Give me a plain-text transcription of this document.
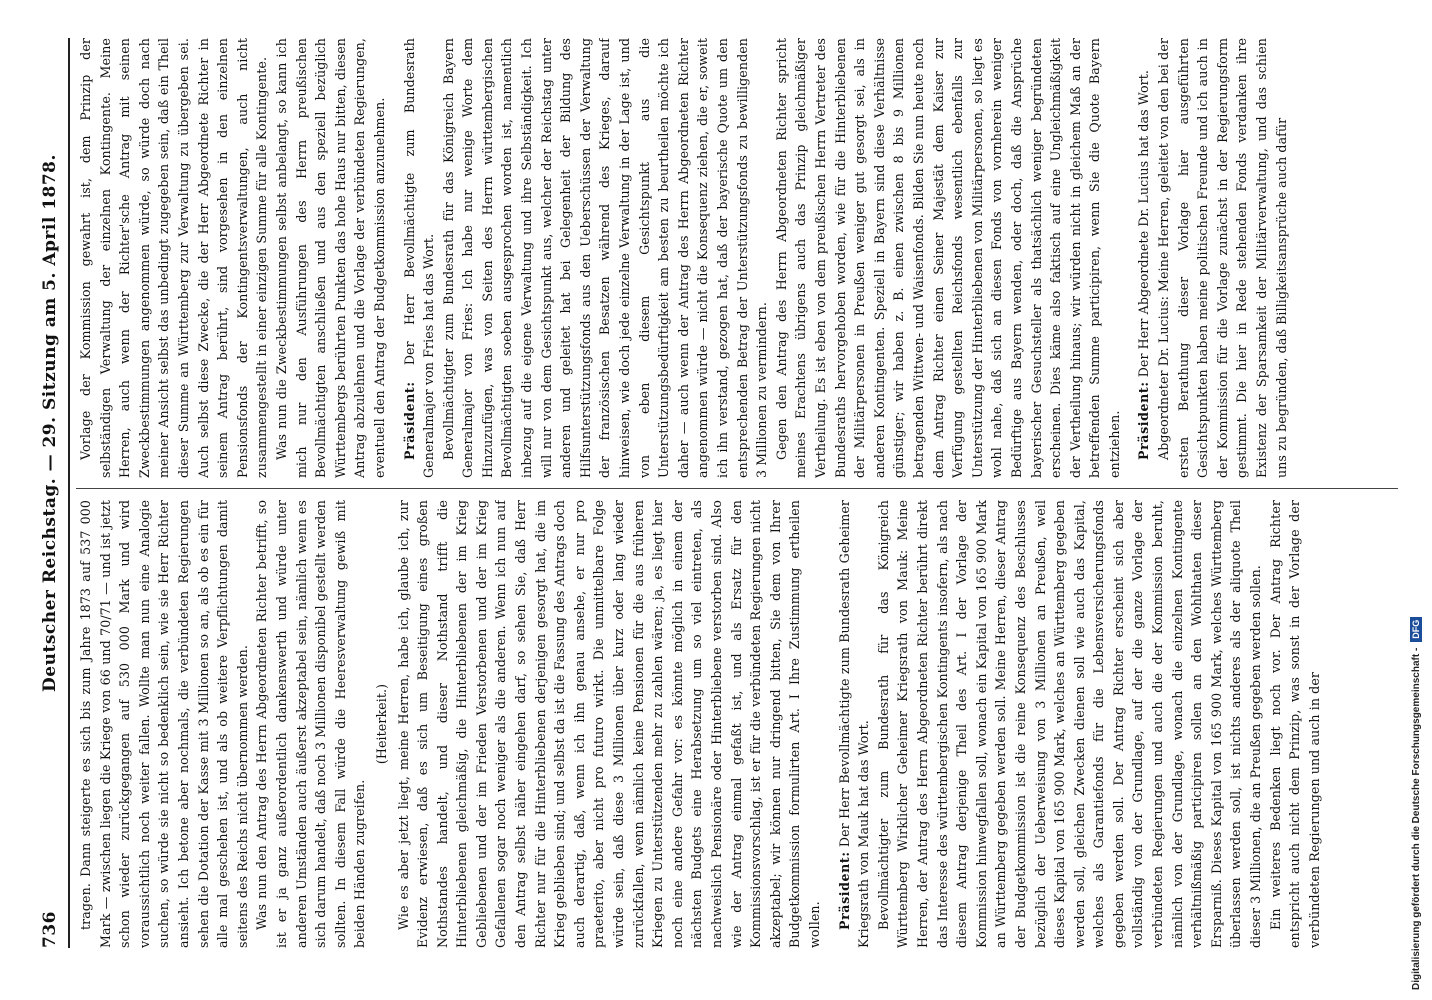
736
Deutscher Reichstag. — 29. Sitzung am 5. April 1878.

tragen. Dann steigerte es sich bis zum Jahre 1873 auf 537 000 Mark — zwischen liegen die Kriege von 66 und 70/71 — und ist jetzt schon wieder zurückgegangen auf 530 000 Mark und wird voraussichtlich noch weiter fallen. Wollte man nun eine Analogie suchen, so würde sie nicht so bedenklich sein, wie sie Herr Richter ansieht. Ich betone aber nochmals, die verbündeten Regierungen sehen die Dotation der Kasse mit 3 Millionen so an, als ob es ein für alle mal geschehen ist, und als ob weitere Verpflichtungen damit seitens des Reichs nicht übernommen werden. Was nun den Antrag des Herrn Abgeordneten Richter betrifft, so ist er ja ganz außerordentlich dankenswerth und würde unter anderen Umständen auch äußerst akzeptabel sein, nämlich wenn es sich darum handelt, daß noch 3 Millionen disponibel gestellt werden sollten. In diesem Fall würde die Heeresverwaltung gewiß mit beiden Händen zugreifen.

(Heiterkeit.) Wie es aber jetzt liegt, meine Herren, habe ich, glaube ich, zur Evidenz erwiesen, daß es sich um Beseitigung eines großen Nothstandes handelt, und dieser Nothstand trifft die Hinterbliebenen gleichmäßig, die Hinterbliebenen der im Krieg Gebliebenen und der im Frieden Verstorbenen und der im Krieg Gefallenen sogar noch weniger als die anderen. Wenn ich nun auf den Antrag selbst näher eingehen darf, so sehen Sie, daß Herr Richter nur für die Hinterbliebenen derjenigen gesorgt hat, die im Krieg geblieben sind; und selbst da ist die Fassung des Antrags doch auch derartig, daß, wenn ich ihn genau ansehe, er nur pro praeterito, aber nicht pro futuro wirkt. Die unmittelbare Folge würde sein, daß diese 3 Millionen über kurz oder lang wieder zurückfallen, wenn nämlich keine Pensionen für die aus früheren Kriegen zu Unterstützenden mehr zu zahlen wären; ja, es liegt hier noch eine andere Gefahr vor: es könnte möglich in einem der nächsten Budgets eine Herabsetzung um so viel eintreten, als nachweislich Pensionäre oder Hinterbliebene verstorben sind. Also wie der Antrag einmal gefaßt ist, und als Ersatz für den Kommissionsvorschlag, ist er für die verbündeten Regierungen nicht akzeptabel; wir können nur dringend bitten, Sie dem von Ihrer Budgetkommission formulirten Art. I Ihre Zustimmung ertheilen wollen. Präsident: Der Herr Bevollmächtigte zum Bundesrath Geheimer Kriegsrath von Mauk hat das Wort. Bevollmächtigter zum Bundesrath für das Königreich Württemberg Wirklicher Geheimer Kriegsrath von Mauk: Meine Herren, der Antrag des Herrn Abgeordneten Richter berührt direkt das Interesse des württembergischen Kontingents insofern, als nach diesem Antrag derjenige Theil des Art. I der Vorlage der Kommission hinwegfallen soll, wonach ein Kapital von 165 900 Mark an Württemberg gegeben werden soll. Meine Herren, dieser Antrag der Budgetkommission ist die reine Konsequenz des Beschlusses bezüglich der Ueberweisung von 3 Millionen an Preußen, weil dieses Kapital von 165 900 Mark, welches an Württemberg gegeben werden soll, gleichen Zwecken dienen soll wie auch das Kapital, welches als Garantiefonds für die Lebensversicherungsfonds gegeben werden soll. Der Antrag Richter erscheint sich aber vollständig von der Grundlage, auf der die ganze Vorlage der verbündeten Regierungen und auch die der Kommission beruht, nämlich von der Grundlage, wonach die einzelnen Kontingente verhältnißmäßig participiren sollen an den Wohlthaten dieser Ersparniß. Dieses Kapital von 165 900 Mark, welches Württemberg überlassen werden soll, ist nichts anderes als der aliquote Theil dieser 3 Millionen, die an Preußen gegeben werden sollen. Ein weiteres Bedenken liegt noch vor. Der Antrag Richter entspricht auch nicht dem Prinzip, was sonst in der Vorlage der verbündeten Regierungen und auch in der

Vorlage der Kommission gewahrt ist, dem Prinzip der selbständigen Verwaltung der einzelnen Kontingente. Meine Herren, auch wenn der Richter'sche Antrag mit seinen Zweckbestimmungen angenommen würde, so würde doch nach meiner Ansicht selbst das unbedingt zugegeben sein, daß ein Theil dieser Summe an Württemberg zur Verwaltung zu übergeben sei. Auch selbst diese Zwecke, die der Herr Abgeordnete Richter in seinem Antrag berührt, sind vorgesehen in den einzelnen Pensionsfonds der Kontingentsverwaltungen, auch nicht zusammengestellt in einer einzigen Summe für alle Kontingente. Was nun die Zweckbestimmungen selbst anbelangt, so kann ich mich nur den Ausführungen des Herrn preußischen Bevollmächtigten anschließen und aus den speziell bezüglich Württembergs berührten Punkten das hohe Haus nur bitten, diesen Antrag abzulehnen und die Vorlage der verbündeten Regierungen, eventuell den Antrag der Budgetkommission anzunehmen. Präsident: Der Herr Bevollmächtigte zum Bundesrath Generalmajor von Fries hat das Wort. Bevollmächtigter zum Bundesrath für das Königreich Bayern Generalmajor von Fries: Ich habe nur wenige Worte dem Hinzuzufügen, was von Seiten des Herrn württembergischen Bevollmächtigten soeben ausgesprochen worden ist, namentlich inbezug auf die eigene Verwaltung und ihre Selbständigkeit. Ich will nur von dem Gesichtspunkt aus, welcher der Reichstag unter anderen und geleitet hat bei Gelegenheit der Bildung des Hilfsunterstützungsfonds aus den Ueberschüssen der Verwaltung der französischen Besatzen während des Krieges, darauf hinweisen, wie doch jede einzelne Verwaltung in der Lage ist, und von eben diesem Gesichtspunkt aus die Unterstützungsbedürftigkeit am besten zu beurtheilen möchte ich daher — auch wenn der Antrag des Herrn Abgeordneten Richter angenommen würde — nicht die Konsequenz ziehen, die er, soweit ich ihn verstand, gezogen hat, daß der bayerische Quote um den entsprechenden Betrag der Unterstützungsfonds zu bewilligenden 3 Millionen zu vermindern. Gegen den Antrag des Herrn Abgeordneten Richter spricht meines Erachtens übrigens auch das Prinzip gleichmäßiger Vertheilung. Es ist eben von dem preußischen Herrn Vertreter des Bundesraths hervorgehoben worden, wie für die Hinterbliebenen der Militärpersonen in Preußen weniger gut gesorgt sei, als in anderen Kontingenten. Speziell in Bayern sind diese Verhältnisse günstiger; wir haben z. B. einen zwischen 8 bis 9 Millionen betragenden Wittwen- und Waisenfonds. Bilden Sie nun heute noch dem Antrag Richter einen Seiner Majestät dem Kaiser zur Verfügung gestellten Reichsfonds wesentlich ebenfalls zur Unterstützung der Hinterbliebenen von Militärpersonen, so liegt es wohl nahe, daß sich an diesen Fonds von vornherein weniger Bedürftige aus Bayern wenden, oder doch, daß die Ansprüche bayerischer Gesuchsteller als thatsächlich weniger begründeten erscheinen. Dies käme also faktisch auf eine Ungleichmäßigkeit der Vertheilung hinaus; wir würden nicht in gleichem Maß an der betreffenden Summe participiren, wenn Sie die Quote Bayern entziehen. Präsident: Der Herr Abgeordnete Dr. Lucius hat das Wort. Abgeordneter Dr. Lucius: Meine Herren, geleitet von den bei der ersten Berathung dieser Vorlage hier ausgeführten Gesichtspunkten haben meine politischen Freunde und ich auch in der Kommission für die Vorlage zunächst in der Regierungsform gestimmt. Die hier in Rede stehenden Fonds verdanken ihre Existenz der Sparsamkeit der Militärverwaltung, und das schien uns zu begründen, daß Billigkeitsansprüche auch dafür

Digitalisierung gefördert durch die Deutsche Forschungsgemeinschaft -
DFG
